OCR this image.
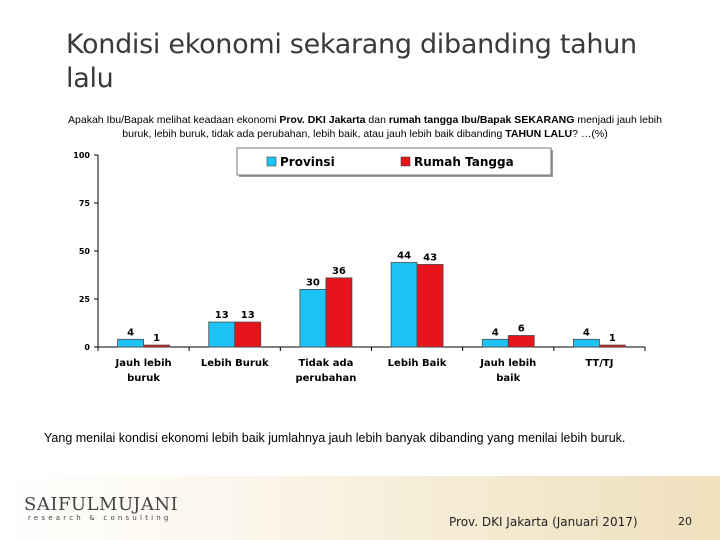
Kondisi ekonomi sekarang dibanding tahun lalu
Apakah Ibu/Bapak melihat keadaan ekonomi Prov. DKI Jakarta dan rumah tangga Ibu/Bapak SEKARANG menjadi jauh lebih buruk, lebih buruk, tidak ada perubahan, lebih baik, atau jauh lebih baik dibanding TAHUN LALU? …(%)
0
25
50
75
100
4
1
Jauh lebih
buruk
13 13
Lebih Buruk
30
36
Tidak ada
perubahan
44 43
Lebih Baik
4 6
Jauh lebih
baik
4
1
TT/TJ
Provinsi	Rumah Tangga
Yang menilai kondisi ekonomi lebih baik jumlahnya jauh lebih banyak dibanding yang menilai lebih buruk.
SAIFULMUJANI
research & consulting	Prov. DKI Jakarta (Januari 2017)	20
